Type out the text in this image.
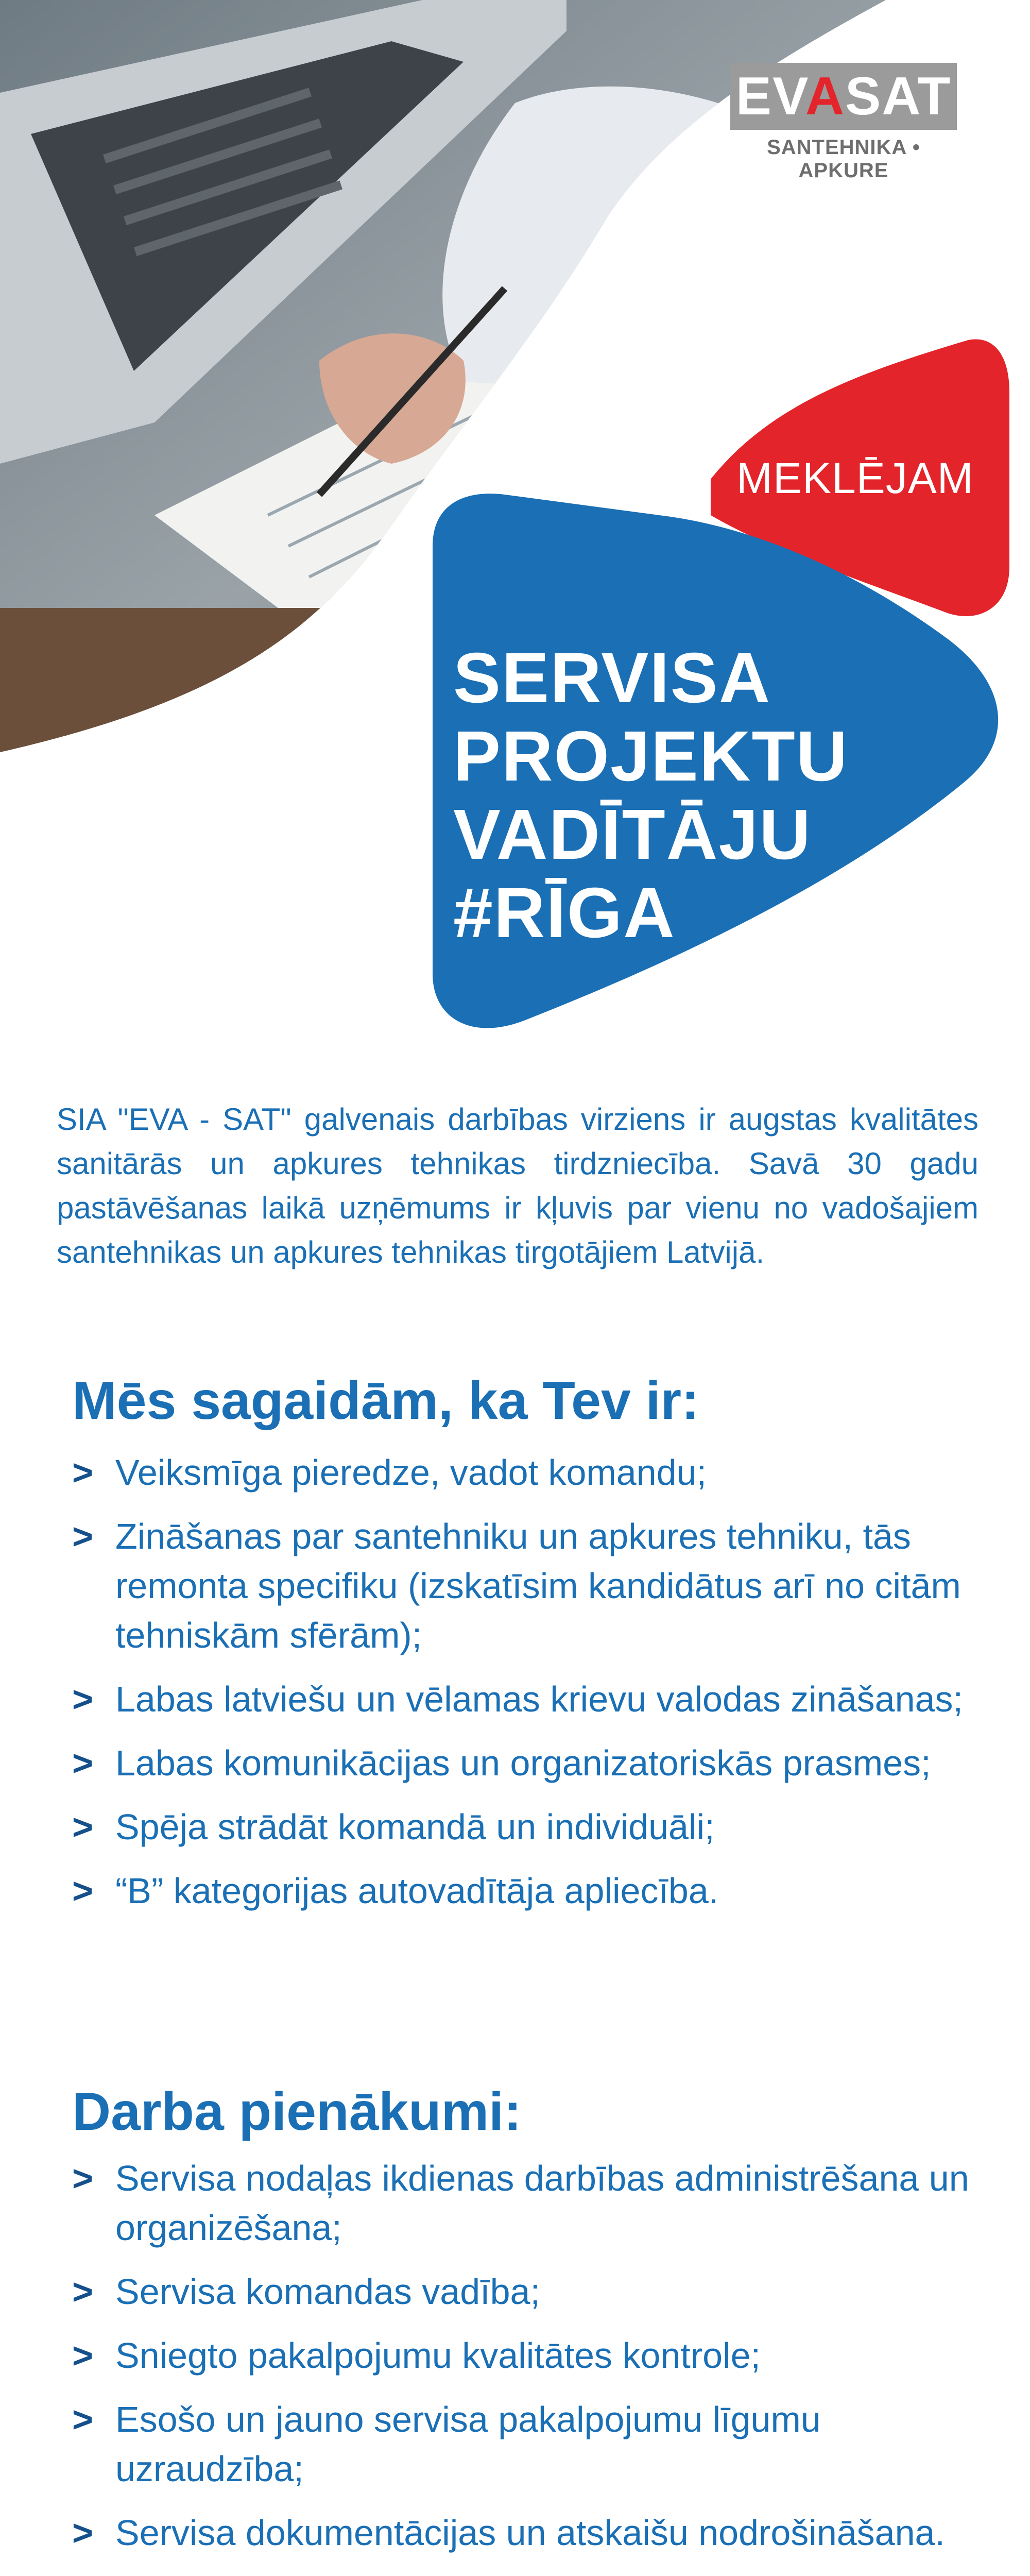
EVASAT
SANTEHNIKA • APKURE
MEKLĒJAM
SERVISA
PROJEKTU
VADĪTĀJU
#RĪGA

SIA "EVA - SAT" galvenais darbības virziens ir augstas kvalitātes sanitārās un apkures tehnikas tirdzniecība. Savā 30 gadu pastāvēšanas laikā uzņēmums ir kļuvis par vienu no vadošajiem santehnikas un apkures tehnikas tirgotājiem Latvijā.

Mēs sagaidām, ka Tev ir:
> Veiksmīga pieredze, vadot komandu;
> Zināšanas par santehniku un apkures tehniku, tās remonta specifiku (izskatīsim kandidātus arī no citām tehniskām sfērām);
> Labas latviešu un vēlamas krievu valodas zināšanas;
> Labas komunikācijas un organizatoriskās prasmes;
> Spēja strādāt komandā un individuāli;
> “B” kategorijas autovadītāja apliecība.
Darba pienākumi:
> Servisa nodaļas ikdienas darbības administrēšana un organizēšana;
> Servisa komandas vadība;
> Sniegto pakalpojumu kvalitātes kontrole;
> Esošo un jauno servisa pakalpojumu līgumu uzraudzība;
> Servisa dokumentācijas un atskaišu nodrošināšana.
